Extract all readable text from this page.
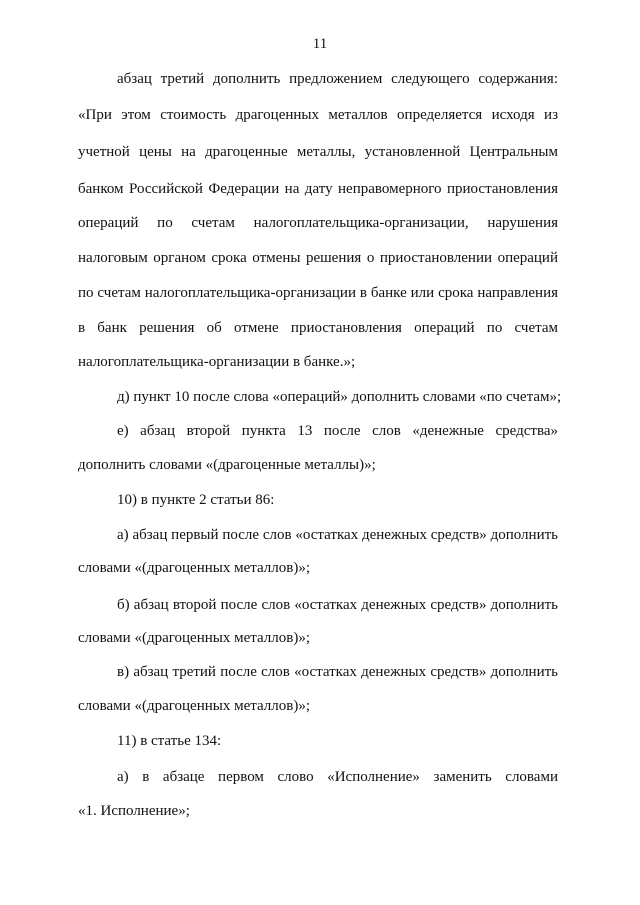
11
абзац третий дополнить предложением следующего содержания:
«При этом стоимость драгоценных металлов определяется исходя из
учетной цены на драгоценные металлы, установленной Центральным
банком Российской Федерации на дату неправомерного приостановления
операций по счетам налогоплательщика-организации, нарушения
налоговым органом срока отмены решения о приостановлении операций
по счетам налогоплательщика-организации в банке или срока направления
в банк решения об отмене приостановления операций по счетам
налогоплательщика-организации в банке.»;
д) пункт 10 после слова «операций» дополнить словами «по счетам»;
е) абзац второй пункта 13 после слов «денежные средства»
дополнить словами «(драгоценные металлы)»;
10) в пункте 2 статьи 86:
а) абзац первый после слов «остатках денежных средств» дополнить
словами «(драгоценных металлов)»;
б) абзац второй после слов «остатках денежных средств» дополнить
словами «(драгоценных металлов)»;
в) абзац третий после слов «остатках денежных средств» дополнить
словами «(драгоценных металлов)»;
11) в статье 134:
а) в абзаце первом слово «Исполнение» заменить словами
«1. Исполнение»;
